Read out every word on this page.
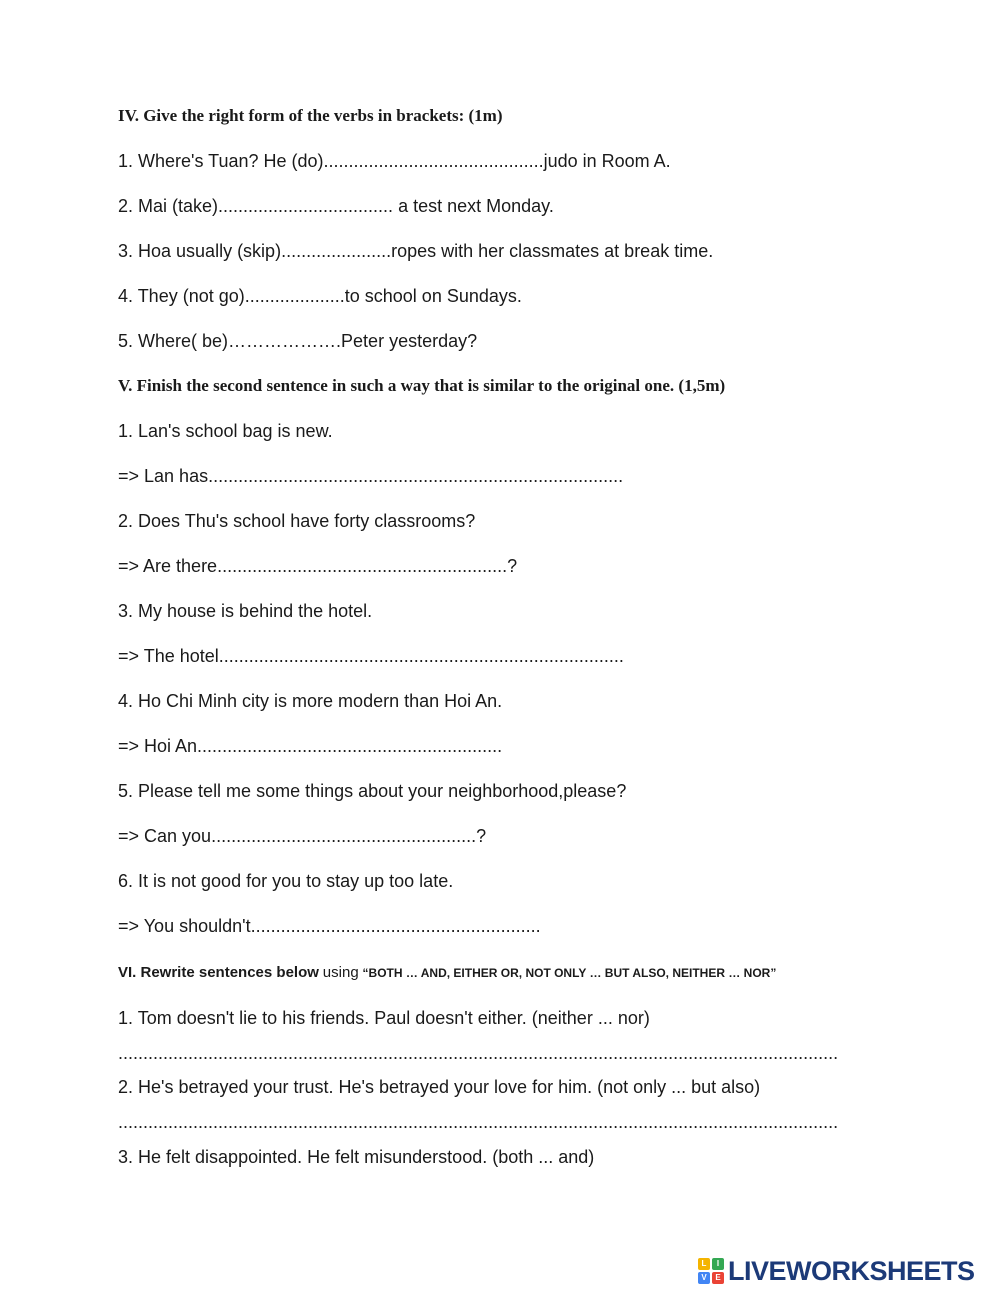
IV. Give the right form of the verbs in brackets: (1m)
1. Where's Tuan? He (do)............................................judo in Room A.
2. Mai (take)................................... a test next Monday.
3. Hoa usually (skip)......................ropes with her classmates at break time.
4. They (not go)....................to school on Sundays.
5. Where( be)……………….Peter yesterday?
V. Finish the second sentence in such a way that is similar to the original one. (1,5m)
1. Lan's school bag is new.
=> Lan has...................................................................................
2. Does Thu's school have forty classrooms?
=> Are there..........................................................?
3. My house is behind the hotel.
=> The hotel.................................................................................
4. Ho Chi Minh city is more modern than Hoi An.
=> Hoi An.............................................................
5. Please tell me some things about your neighborhood,please?
=> Can you.....................................................?
6. It is not good for you to stay up too late.
=> You shouldn't..........................................................
VI. Rewrite sentences below using “BOTH … AND, EITHER OR, NOT ONLY … BUT ALSO, NEITHER … NOR”
1. Tom doesn't lie to his friends. Paul doesn't either. (neither ... nor)
................................................................................................................................................
2. He's betrayed your trust. He's betrayed your love for him. (not only ... but also)
................................................................................................................................................
3. He felt disappointed. He felt misunderstood. (both ... and)
L	I
V	E LIVEWORKSHEETS
